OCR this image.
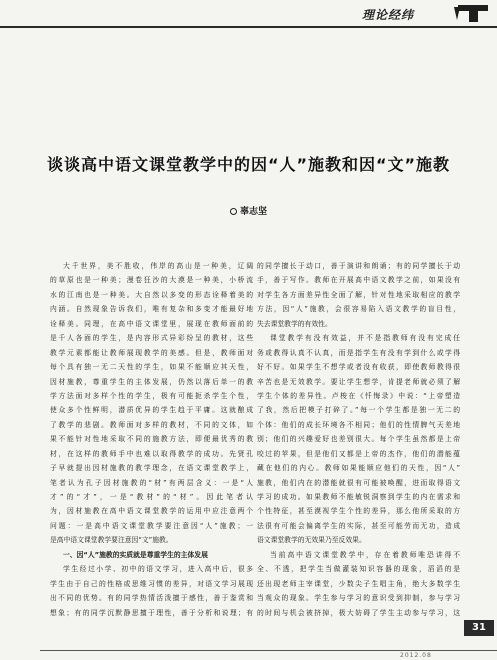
理论经纬
谈谈高中语文课堂教学中的因“人”施教和因“文”施教
辜志坚
大千世界，美不胜收，伟岸的高山是一种美，辽阔
的草原也是一种美；漫卷狂沙的大漠是一种美，小桥流
水的江南也是一种美。大自然以多变的形态诠释着美的
内涵。自然现象告诉我们，唯有复杂和多变才能最好地
诠释美。同理，在高中语文课堂里，展现在教师面前的
是千人各面的学生，是内容形式异彩纷呈的教材，这些
教学元素都能让教师展现教学的美感。但是，教师面对
每个具有独一无二天性的学生，如果不能顺应其天性，
因材施教，尊重学生的主体发展，仍然以落后单一的教
学方法面对多样个性的学生，极有可能扼杀学生个性，
使众多个性鲜明，潜质优异的学生趋于平庸。这就酿成
了教学的悲剧。教师面对多样的教材，不同的文体，如
果不能针对性地采取不同的施教方法，即便最优秀的教
材，在这样的教师手中也难以取得教学的成功。先贤孔
子早就提出因材施教的教学理念，在语文课堂教学上，
笔者认为孔子因材施教的“材”有两层含义：一是“人
才”的“才”，一是“教材”的“材”。因此笔者认
为，因材施教在高中语文课堂教学的运用中应注意两个
问题：一是高中语文课堂教学要注意因“人”施教；一
是高中语文课堂教学要注意因“文”施教。
一、因“人”施教的实质就是尊重学生的主体发展
学生经过小学、初中的语文学习，进入高中后，很多
学生由于自己的性格或思维习惯的差异，对语文学习展现
出不同的优势。有的同学热情活泼擅于感性，善于鉴赏和
想象；有的同学沉默静思擅于理性，善于分析和说理；有
的同学擅长于动口，善于演讲和朗诵；有的同学擅长于动
手，善于写作。教师在开展高中语文教学之前，如果没有
对学生各方面差异性全面了解，针对性地采取相应的教学
方法，因“人”施教，会很容易陷入语文教学的盲目性，
失去课堂教学的有效性。
课堂教学有没有效益，并不是指教师有没有完成任
务或教得认真不认真，而是指学生有没有学到什么或学得
好不好。如果学生不想学或者没有收获，即使教师教得很
辛苦也是无效教学。要让学生想学，肯提老师就必须了解
学生个体的差异性。卢梭在《忏悔录》中说：“上帝塑造
了我，然后把模子打碎了。”每一个学生都是独一无二的
个体：他们的成长环境各不相同；他们的性情脾气天差地
别；他们的兴趣爱好也差别很大。每个学生虽然都是上帝
咬过的苹果，但是他们又都是上帝的杰作，他们的潜能蕴
藏在他们的内心。教师如果能顺应他们的天性，因“人”
施教，他们内在的潜能就很有可能被唤醒，进而取得语文
学习的成功。如果教师不能敏锐洞察到学生的内在需求和
个性特征，甚至漠视学生个性的差异，那么他所采取的方
法很有可能会偏离学生的实际，甚至可能劳而无功，造成
语文课堂教学的无效果乃至反效果。
当前高中语文课堂教学中，存在着教师唯恐讲得不
全、不透，把学生当做灌装知识容器的现象，滔滔的是
还出现老师主宰课堂，少数尖子生唱主角，绝大多数学生
当观众的现象。学生参与学习的意识受到抑制，参与学习
的时间与机会被挤掉，极大妨碍了学生主动参与学习，这
31
2012.08
